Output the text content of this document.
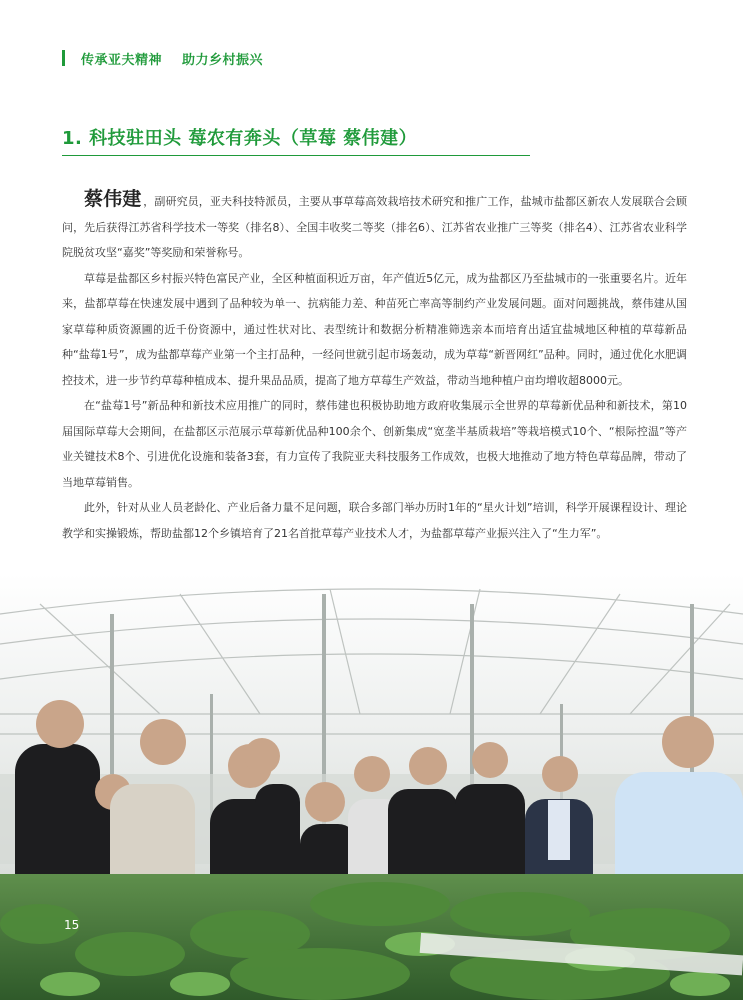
传承亚夫精神 助力乡村振兴
1. 科技驻田头 莓农有奔头（草莓 蔡伟建）

蔡伟建 ，副研究员，亚夫科技特派员，主要从事草莓高效栽培技术研究和推广工作，盐城市盐都区新农人发展联合会顾问，先后获得江苏省科学技术一等奖（排名8）、全国丰收奖二等奖（排名6）、江苏省农业推广三等奖（排名4）、江苏省农业科学院脱贫攻坚“嘉奖”等奖励和荣誉称号。

草莓是盐都区乡村振兴特色富民产业，全区种植面积近万亩，年产值近5亿元，成为盐都区乃至盐城市的一张重要名片。近年来，盐都草莓在快速发展中遇到了品种较为单一、抗病能力差、种苗死亡率高等制约产业发展问题。面对问题挑战，蔡伟建从国家草莓种质资源圃的近千份资源中，通过性状对比、表型统计和数据分析精准筛选亲本而培育出适宜盐城地区种植的草莓新品种“盐莓1号”，成为盐都草莓产业第一个主打品种，一经问世就引起市场轰动，成为草莓“新晋网红”品种。同时，通过优化水肥调控技术，进一步节约草莓种植成本、提升果品品质，提高了地方草莓生产效益，带动当地种植户亩均增收超8000元。

在“盐莓1号”新品种和新技术应用推广的同时，蔡伟建也积极协助地方政府收集展示全世界的草莓新优品种和新技术，第10届国际草莓大会期间，在盐都区示范展示草莓新优品种100余个、创新集成“宽垄半基质栽培”等栽培模式10个、“根际控温”等产业关键技术8个、引进优化设施和装备3套，有力宣传了我院亚夫科技服务工作成效，也极大地推动了地方特色草莓品牌，带动了当地草莓销售。

此外，针对从业人员老龄化、产业后备力量不足问题，联合多部门举办历时1年的“星火计划”培训，科学开展课程设计、理论教学和实操锻炼，帮助盐都12个乡镇培育了21名首批草莓产业技术人才，为盐都草莓产业振兴注入了“生力军”。

15
